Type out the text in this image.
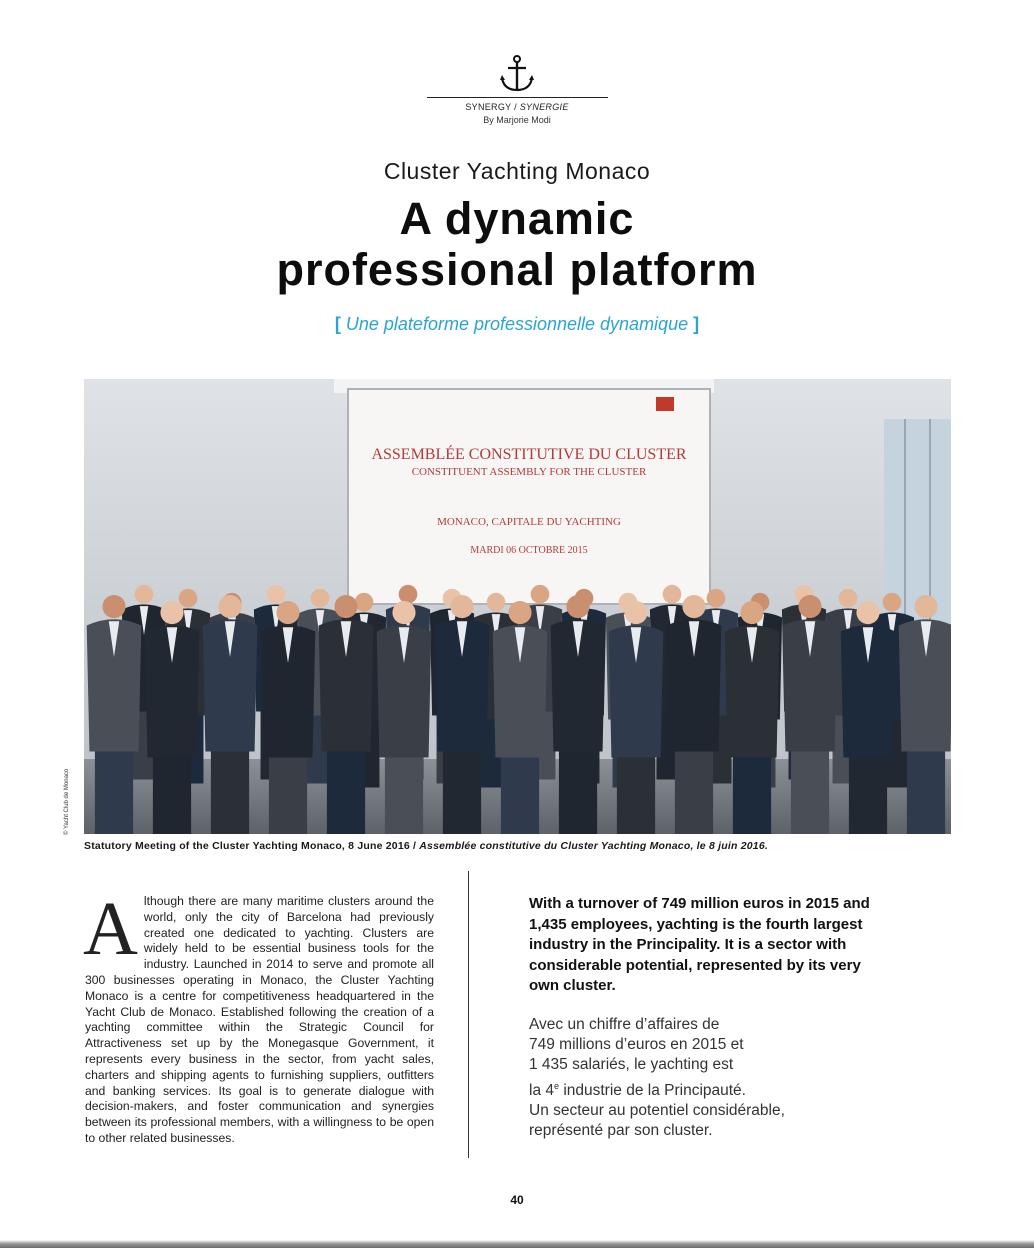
SYNERGY / SYNERGIE
By Marjorie Modi
Cluster Yachting Monaco
A dynamic
professional platform
[ Une plateforme professionnelle dynamique ]
ASSEMBLÉE CONSTITUTIVE DU CLUSTER
CONSTITUENT ASSEMBLY FOR THE CLUSTER
MONACO, CAPITALE DU YACHTING
MARDI 06 OCTOBRE 2015
© Yacht Club de Monaco
Statutory Meeting of the Cluster Yachting Monaco, 8 June 2016 / Assemblée constitutive du Cluster Yachting Monaco, le 8 juin 2016.
A lthough there are many maritime clusters around the world, only the city of Barcelona had previously created one dedicated to yachting. Clusters are widely held to be essential business tools for the industry. Launched in 2014 to serve and promote all 300 businesses operating in Monaco, the Cluster Yachting Monaco is a centre for competitiveness headquartered in the Yacht Club de Monaco. Established following the creation of a yachting committee within the Strategic Council for Attractiveness set up by the Monegasque Government, it represents every business in the sector, from yacht sales, charters and shipping agents to furnishing suppliers, outfitters and banking services. Its goal is to generate dialogue with decision-makers, and foster communication and synergies between its professional members, with a willingness to be open to other related businesses.
With a turnover of 749 million euros in 2015 and 1,435 employees, yachting is the fourth largest industry in the Principality. It is a sector with considerable potential, represented by its very own cluster.
Avec un chiffre d’affaires de
749 millions d’euros en 2015 et
1 435 salariés, le yachting est
la 4e industrie de la Principauté.
Un secteur au potentiel considérable,
représenté par son cluster.
40
